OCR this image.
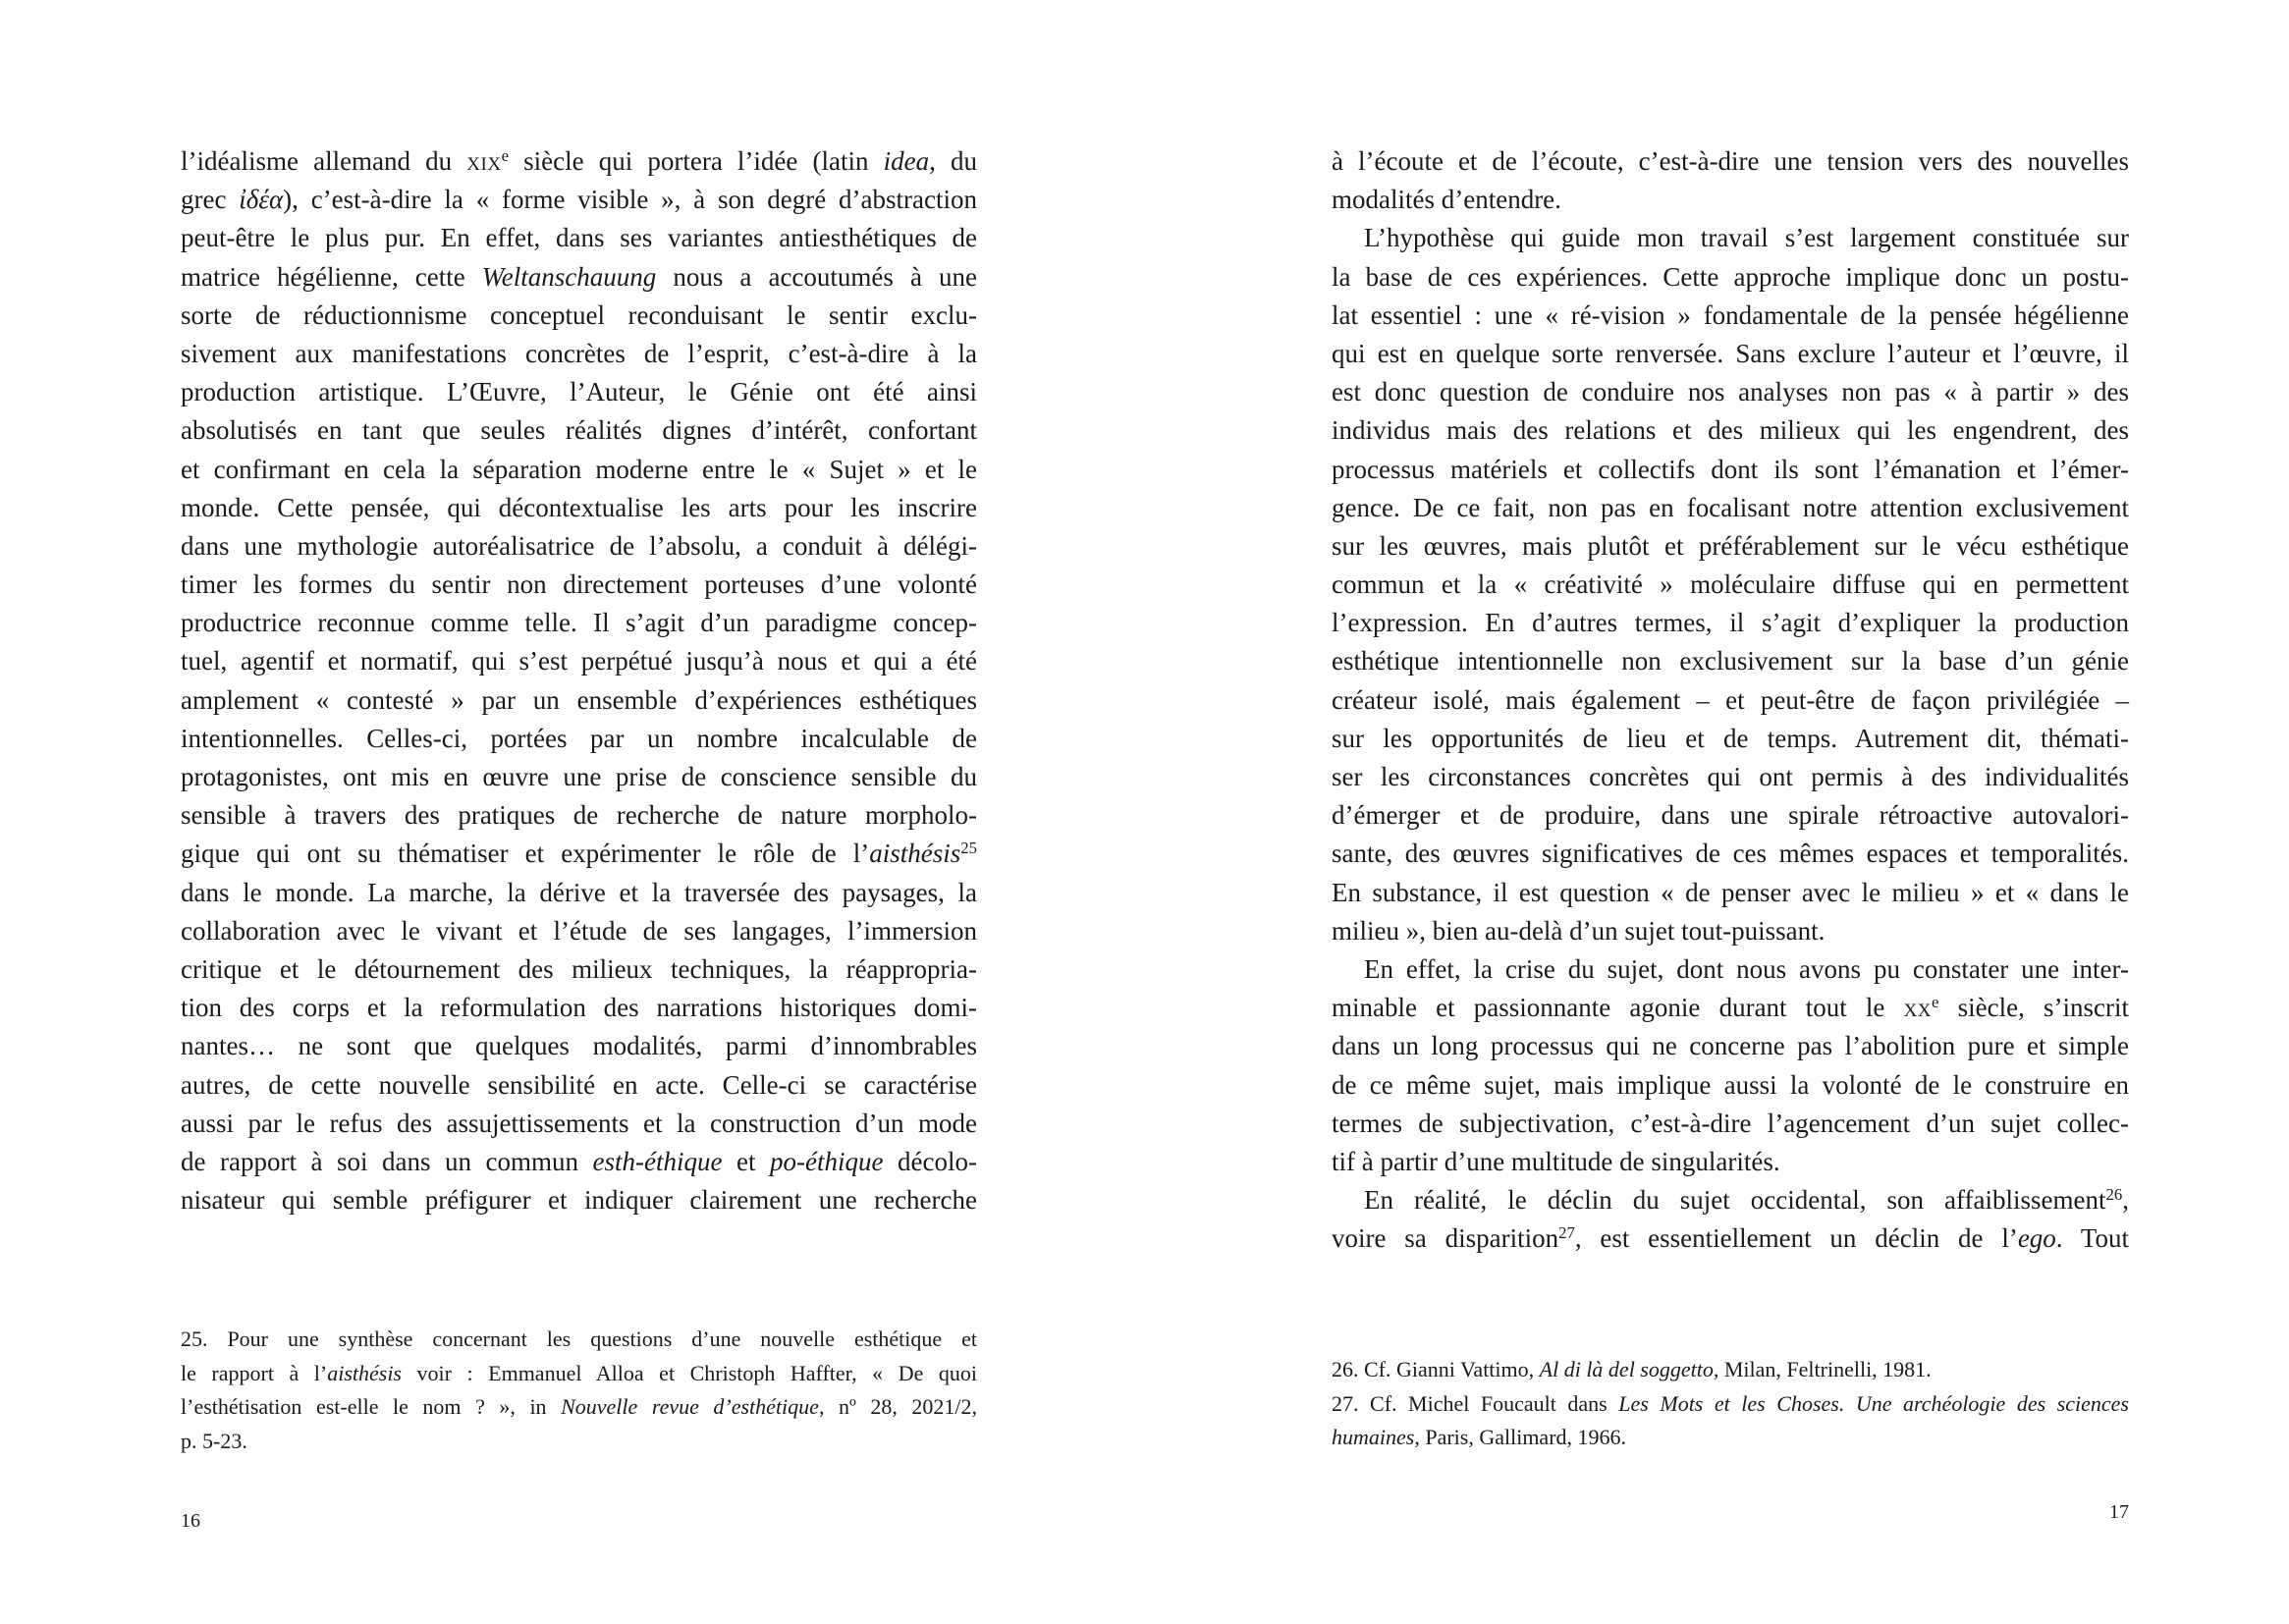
l’idéalisme allemand du xix$^e$ siècle qui portera l’idée (latin idea, du
grec ἰδέα), c’est-à-dire la « forme visible », à son degré d’abstraction
peut-être le plus pur. En effet, dans ses variantes antiesthétiques de
matrice hégélienne, cette Weltanschauung nous a accoutumés à une
sorte de réductionnisme conceptuel reconduisant le sentir exclu-
sivement aux manifestations concrètes de l’esprit, c’est-à-dire à la
production artistique. L’Œuvre, l’Auteur, le Génie ont été ainsi
absolutisés en tant que seules réalités dignes d’intérêt, confortant
et confirmant en cela la séparation moderne entre le « Sujet » et le
monde. Cette pensée, qui décontextualise les arts pour les inscrire
dans une mythologie autoréalisatrice de l’absolu, a conduit à délégi-
timer les formes du sentir non directement porteuses d’une volonté
productrice reconnue comme telle. Il s’agit d’un paradigme concep-
tuel, agentif et normatif, qui s’est perpétué jusqu’à nous et qui a été
amplement « contesté » par un ensemble d’expériences esthétiques
intentionnelles. Celles-ci, portées par un nombre incalculable de
protagonistes, ont mis en œuvre une prise de conscience sensible du
sensible à travers des pratiques de recherche de nature morpholo-
gique qui ont su thématiser et expérimenter le rôle de l’aisthésis$^{25}$
dans le monde. La marche, la dérive et la traversée des paysages, la
collaboration avec le vivant et l’étude de ses langages, l’immersion
critique et le détournement des milieux techniques, la réappropria-
tion des corps et la reformulation des narrations historiques domi-
nantes… ne sont que quelques modalités, parmi d’innombrables
autres, de cette nouvelle sensibilité en acte. Celle-ci se caractérise
aussi par le refus des assujettissements et la construction d’un mode
de rapport à soi dans un commun esth-éthique et po-éthique décolo-
nisateur qui semble préfigurer et indiquer clairement une recherche
25. Pour une synthèse concernant les questions d’une nouvelle esthétique et
le rapport à l’aisthésis voir : Emmanuel Alloa et Christoph Haffter, « De quoi
l’esthétisation est-elle le nom ? », in Nouvelle revue d’esthétique, nº 28, 2021/2,
p. 5-23.
16
à l’écoute et de l’écoute, c’est-à-dire une tension vers des nouvelles
modalités d’entendre.
L’hypothèse qui guide mon travail s’est largement constituée sur
la base de ces expériences. Cette approche implique donc un postu-
lat essentiel : une « ré-vision » fondamentale de la pensée hégélienne
qui est en quelque sorte renversée. Sans exclure l’auteur et l’œuvre, il
est donc question de conduire nos analyses non pas « à partir » des
individus mais des relations et des milieux qui les engendrent, des
processus matériels et collectifs dont ils sont l’émanation et l’émer-
gence. De ce fait, non pas en focalisant notre attention exclusivement
sur les œuvres, mais plutôt et préférablement sur le vécu esthétique
commun et la « créativité » moléculaire diffuse qui en permettent
l’expression. En d’autres termes, il s’agit d’expliquer la production
esthétique intentionnelle non exclusivement sur la base d’un génie
créateur isolé, mais également – et peut-être de façon privilégiée –
sur les opportunités de lieu et de temps. Autrement dit, thémati-
ser les circonstances concrètes qui ont permis à des individualités
d’émerger et de produire, dans une spirale rétroactive autovalori-
sante, des œuvres significatives de ces mêmes espaces et temporalités.
En substance, il est question « de penser avec le milieu » et « dans le
milieu », bien au-delà d’un sujet tout-puissant.
En effet, la crise du sujet, dont nous avons pu constater une inter-
minable et passionnante agonie durant tout le $xx^e$ siècle, s’inscrit
dans un long processus qui ne concerne pas l’abolition pure et simple
de ce même sujet, mais implique aussi la volonté de le construire en
termes de subjectivation, c’est-à-dire l’agencement d’un sujet collec-
tif à partir d’une multitude de singularités.
En réalité, le déclin du sujet occidental, son affaiblissement$^{26}$,
voire sa disparition$^{27}$, est essentiellement un déclin de l’ego. Tout
26. Cf. Gianni Vattimo, Al di là del soggetto, Milan, Feltrinelli, 1981.
27. Cf. Michel Foucault dans Les Mots et les Choses. Une archéologie des sciences
humaines, Paris, Gallimard, 1966.
17
